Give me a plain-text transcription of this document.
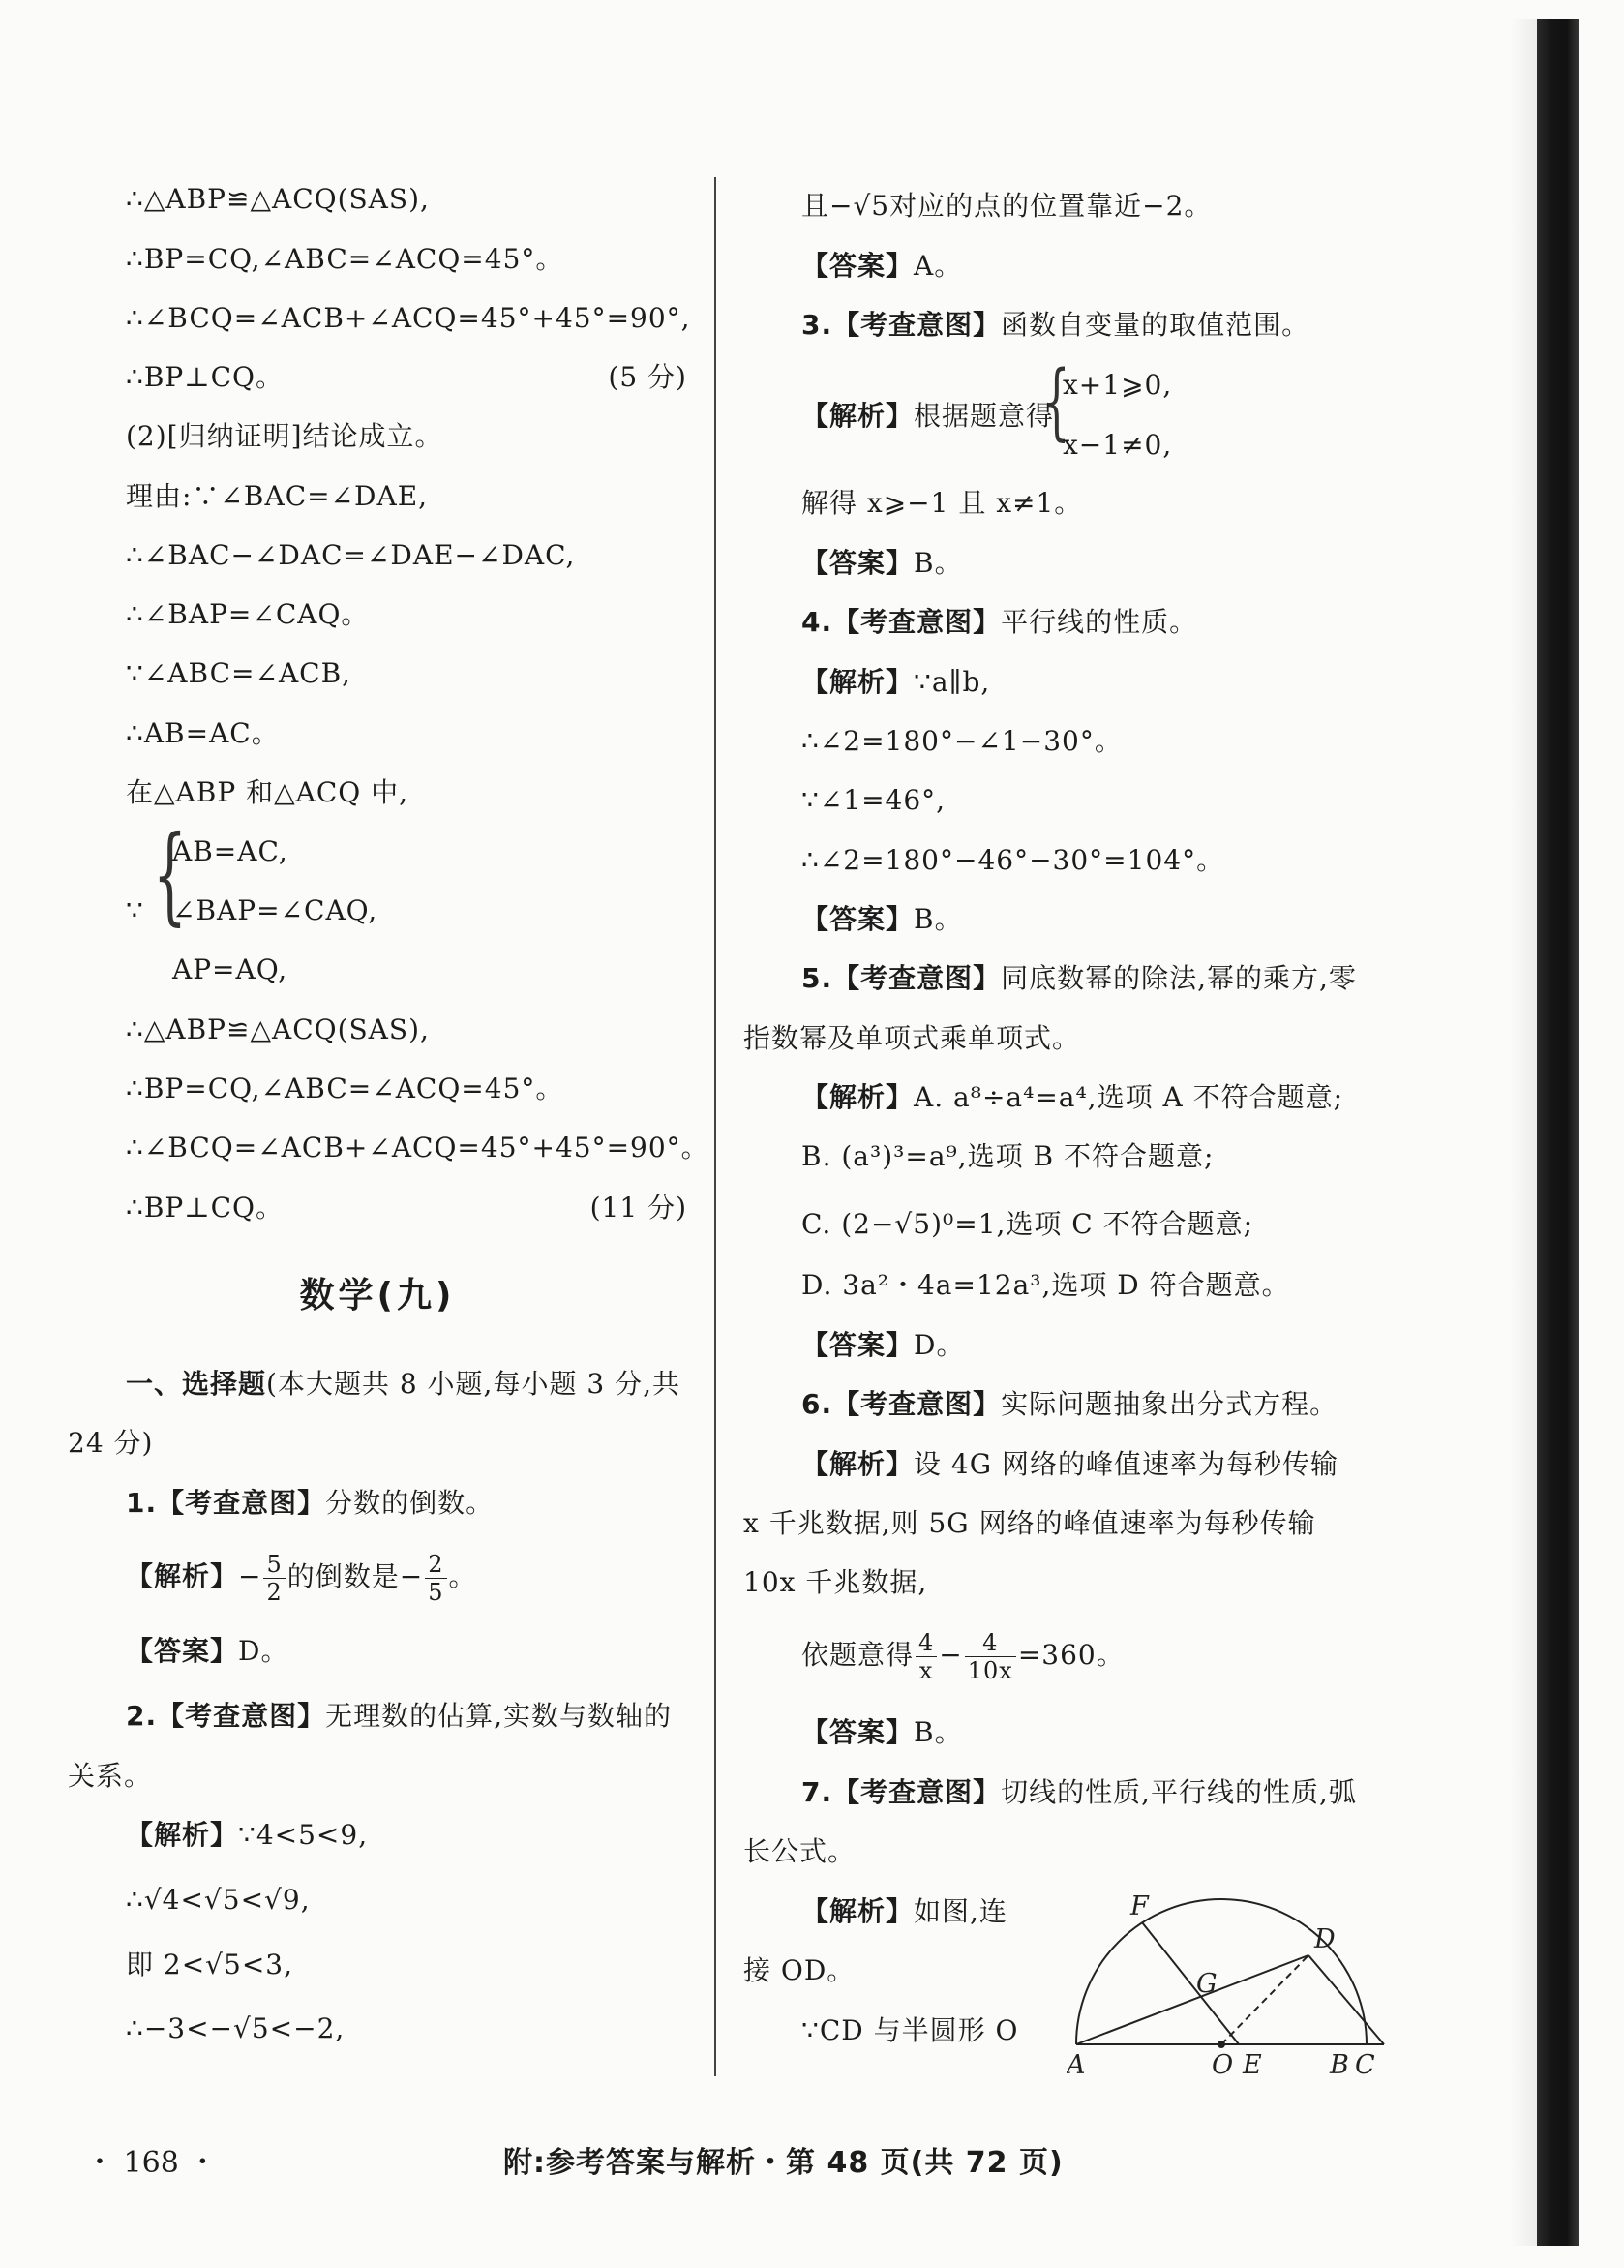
∴△ABP≌△ACQ(SAS),
∴BP=CQ,∠ABC=∠ACQ=45°。
∴∠BCQ=∠ACB+∠ACQ=45°+45°=90°,
∴BP⊥CQ。	(5 分)
(2)[归纳证明]结论成立。
理由:∵∠BAC=∠DAE,
∴∠BAC−∠DAC=∠DAE−∠DAC,
∴∠BAP=∠CAQ。
∵∠ABC=∠ACB,
∴AB=AC。
在△ABP 和△ACQ 中,
∵ {
AB=AC,
∠BAP=∠CAQ,
AP=AQ,
∴△ABP≌△ACQ(SAS),
∴BP=CQ,∠ABC=∠ACQ=45°。
∴∠BCQ=∠ACB+∠ACQ=45°+45°=90°。
∴BP⊥CQ。	(11 分)
数学(九)
一、选择题(本大题共 8 小题,每小题 3 分,共
24 分)
1.【考查意图】分数的倒数。
【解析】− $\frac{5}{2}$ 的倒数是− $\frac{2}{5}$ 。
【答案】D。
2.【考查意图】无理数的估算,实数与数轴的
关系。
【解析】∵4<5<9,
∴√4<√5<√9,
即 2<√5<3,
∴−3<−√5<−2,
且−√5对应的点的位置靠近−2。
【答案】A。
3.【考查意图】函数自变量的取值范围。
【解析】根据题意得
{
x+1⩾0,
x−1≠0,
解得 x⩾−1 且 x≠1。
【答案】B。
4.【考查意图】平行线的性质。
【解析】∵a∥b,
∴∠2=180°−∠1−30°。
∵∠1=46°,
∴∠2=180°−46°−30°=104°。
【答案】B。
5.【考查意图】同底数幂的除法,幂的乘方,零
指数幂及单项式乘单项式。
【解析】A. a⁸÷a⁴=a⁴,选项 A 不符合题意;
B. (a³)³=a⁹,选项 B 不符合题意;
C. (2−√5)⁰=1,选项 C 不符合题意;
D. 3a²・4a=12a³,选项 D 符合题意。
【答案】D。
6.【考查意图】实际问题抽象出分式方程。
【解析】设 4G 网络的峰值速率为每秒传输
x 千兆数据,则 5G 网络的峰值速率为每秒传输
10x 千兆数据,
依题意得 $\frac{4}{x} - \frac{4}{10x} =360$。
【答案】B。
7.【考查意图】切线的性质,平行线的性质,弧
长公式。
【解析】如图,连
接 OD。
∵CD 与半圆形 O
F
D
G
A	O E	B C
・ 168 ・	附:参考答案与解析・第 48 页(共 72 页)
